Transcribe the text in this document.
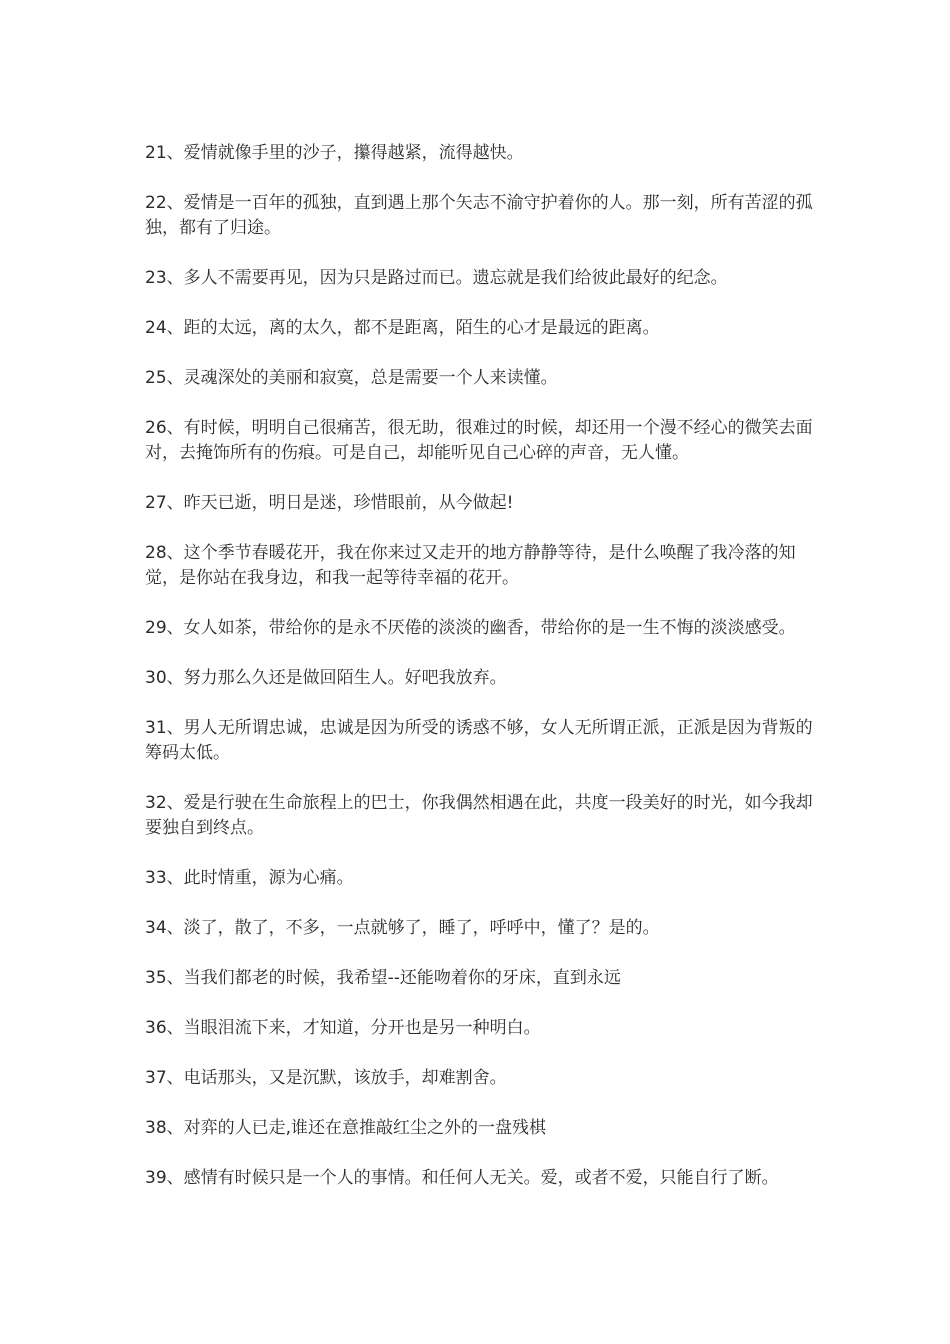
21、爱情就像手里的沙子，攥得越紧，流得越快。

22、爱情是一百年的孤独，直到遇上那个矢志不渝守护着你的人。那一刻，所有苦涩的孤独，都有了归途。

23、多人不需要再见，因为只是路过而已。遗忘就是我们给彼此最好的纪念。

24、距的太远，离的太久，都不是距离，陌生的心才是最远的距离。

25、灵魂深处的美丽和寂寞，总是需要一个人来读懂。

26、有时候，明明自己很痛苦，很无助，很难过的时候，却还用一个漫不经心的微笑去面对，去掩饰所有的伤痕。可是自己，却能听见自己心碎的声音，无人懂。

27、昨天已逝，明日是迷，珍惜眼前，从今做起!

28、这个季节春暖花开，我在你来过又走开的地方静静等待，是什么唤醒了我冷落的知觉，是你站在我身边，和我一起等待幸福的花开。

29、女人如茶，带给你的是永不厌倦的淡淡的幽香，带给你的是一生不悔的淡淡感受。

30、努力那么久还是做回陌生人。好吧我放弃。

31、男人无所谓忠诚，忠诚是因为所受的诱惑不够，女人无所谓正派，正派是因为背叛的筹码太低。

32、爱是行驶在生命旅程上的巴士，你我偶然相遇在此，共度一段美好的时光，如今我却要独自到终点。

33、此时情重，源为心痛。

34、淡了，散了，不多，一点就够了，睡了，呼呼中，懂了？是的。

35、当我们都老的时候，我希望--还能吻着你的牙床，直到永远

36、当眼泪流下来，才知道，分开也是另一种明白。

37、电话那头，又是沉默，该放手，却难割舍。

38、对弈的人已走,谁还在意推敲红尘之外的一盘残棋

39、感情有时候只是一个人的事情。和任何人无关。爱，或者不爱，只能自行了断。
